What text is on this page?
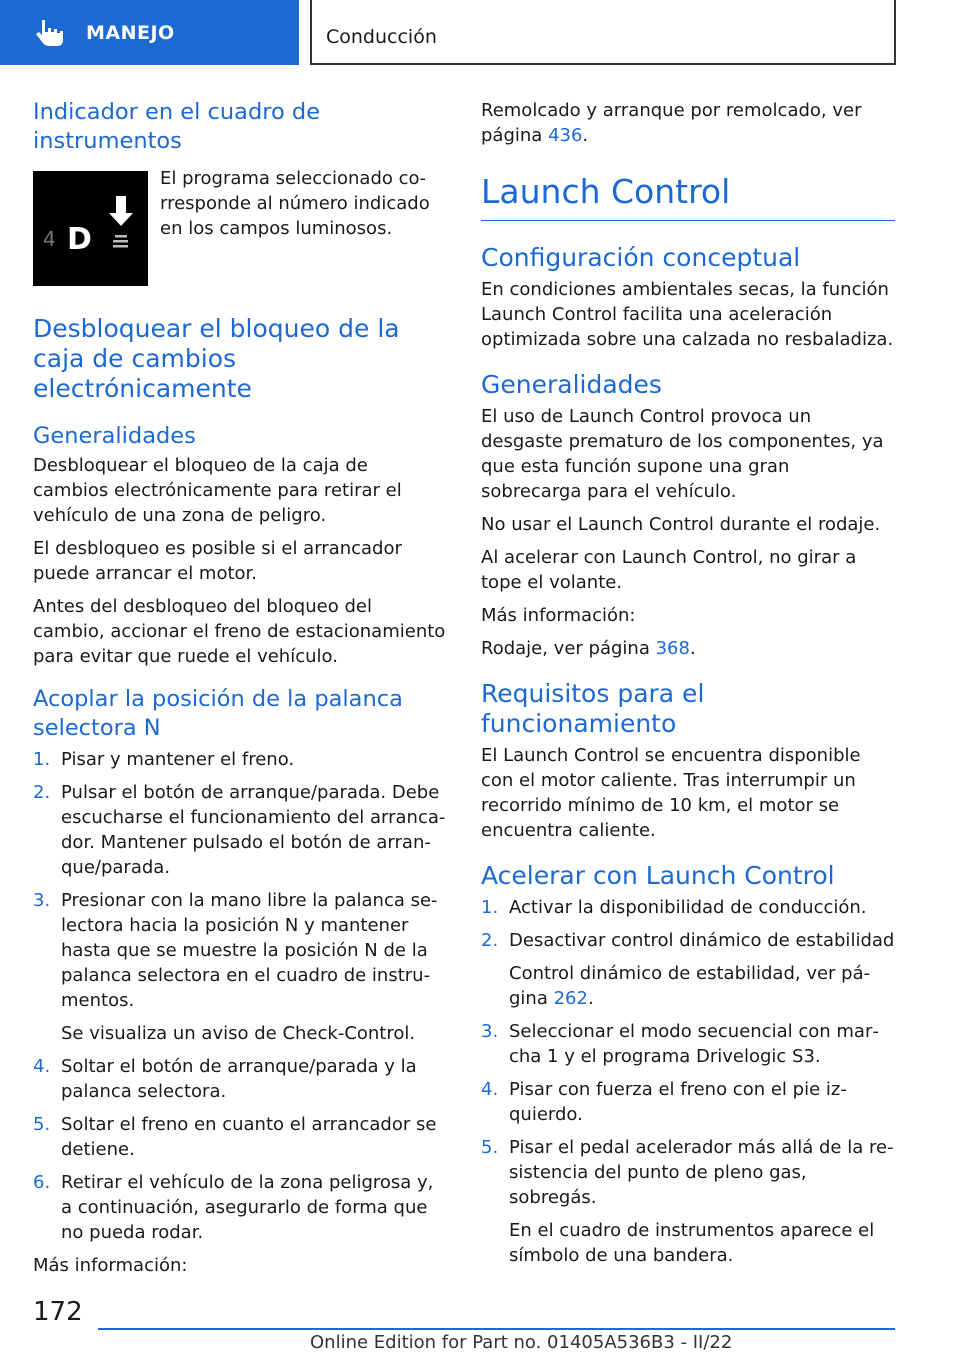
MANEJO	Conducción
Indicador en el cuadro de instrumentos
4 D

El programa seleccionado corresponde al número indicado en los campos luminosos.

Desbloquear el bloqueo de la caja de cambios electrónicamente
Generalidades

Desbloquear el bloqueo de la caja de cambios electrónicamente para retirar el vehículo de una zona de peligro.

El desbloqueo es posible si el arrancador puede arrancar el motor.

Antes del desbloqueo del bloqueo del cambio, accionar el freno de estacionamiento para evitar que ruede el vehículo.

Acoplar la posición de la palanca selectora N
1. Pisar y mantener el freno.

2. Pulsar el botón de arranque/parada. Debe escucharse el funcionamiento del arrancador. Mantener pulsado el botón de arranque/parada.

3. Presionar con la mano libre la palanca selectora hacia la posición N y mantener hasta que se muestre la posición N de la palanca selectora en el cuadro de instrumentos.

Se visualiza un aviso de Check-Control.

4. Soltar el botón de arranque/parada y la palanca selectora.

5. Soltar el freno en cuanto el arrancador se detiene.

6. Retirar el vehículo de la zona peligrosa y, a continuación, asegurarlo de forma que no pueda rodar.

Más información:

Remolcado y arranque por remolcado, ver página 436.

Launch Control
Configuración conceptual

En condiciones ambientales secas, la función Launch Control facilita una aceleración optimizada sobre una calzada no resbaladiza.

Generalidades

El uso de Launch Control provoca un desgaste prematuro de los componentes, ya que esta función supone una gran sobrecarga para el vehículo.

No usar el Launch Control durante el rodaje.

Al acelerar con Launch Control, no girar a tope el volante.

Más información:

Rodaje, ver página 368.

Requisitos para el funcionamiento

El Launch Control se encuentra disponible con el motor caliente. Tras interrumpir un recorrido mínimo de 10 km, el motor se encuentra caliente.

Acelerar con Launch Control
1. Activar la disponibilidad de conducción.

2. Desactivar control dinámico de estabilidad

Control dinámico de estabilidad, ver página 262.

3. Seleccionar el modo secuencial con marcha 1 y el programa Drivelogic S3.

4. Pisar con fuerza el freno con el pie izquierdo.

5. Pisar el pedal acelerador más allá de la resistencia del punto de pleno gas, sobregás.

En el cuadro de instrumentos aparece el símbolo de una bandera.

172
Online Edition for Part no. 01405A536B3 - II/22
